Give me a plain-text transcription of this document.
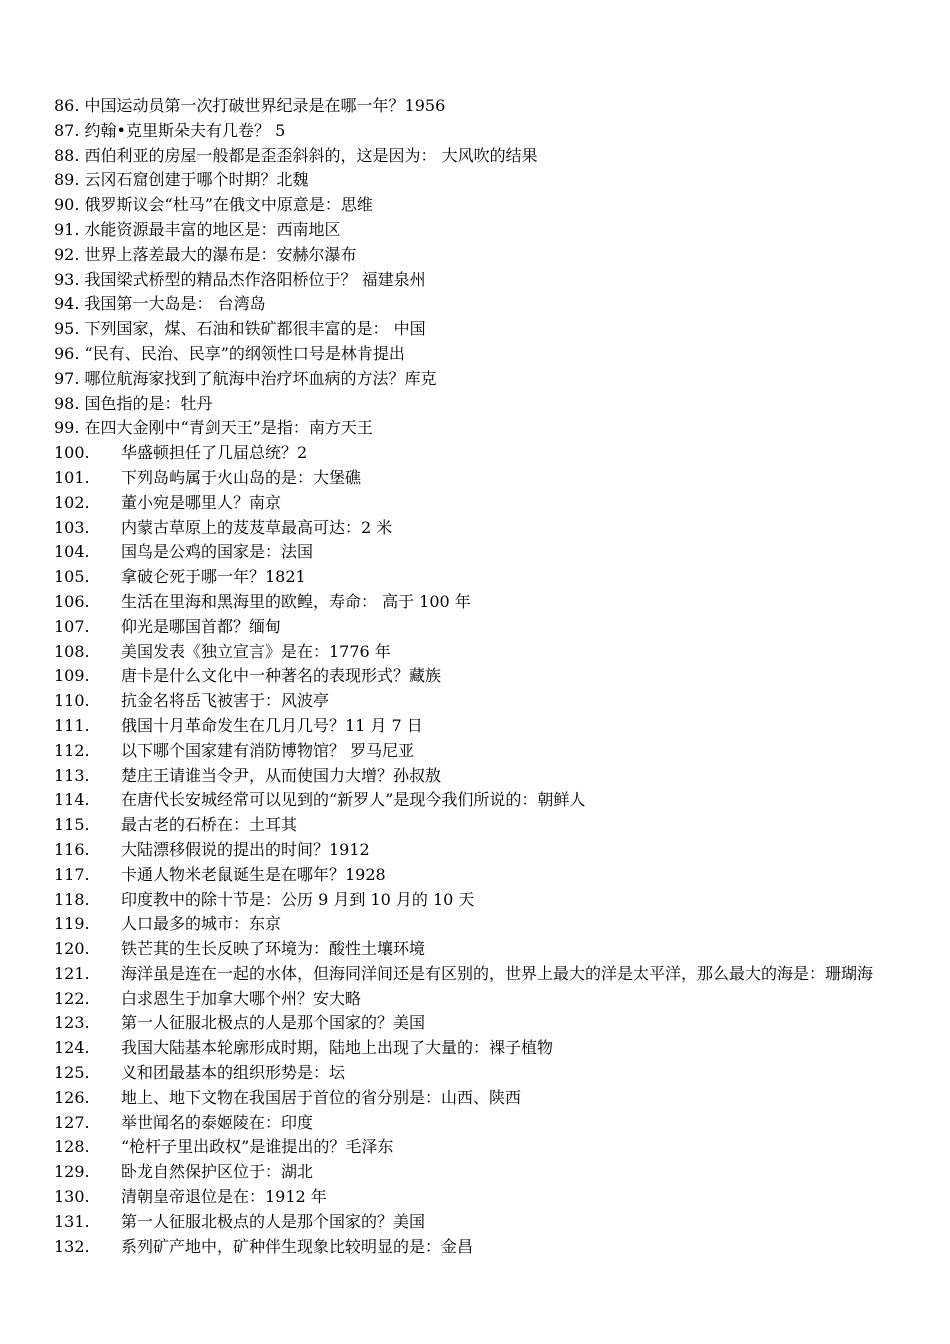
86. 中国运动员第一次打破世界纪录是在哪一年？1956
87. 约翰•克里斯朵夫有几卷？ 5
88. 西伯利亚的房屋一般都是歪歪斜斜的，这是因为： 大风吹的结果
89. 云冈石窟创建于哪个时期？北魏
90. 俄罗斯议会“杜马”在俄文中原意是：思维
91. 水能资源最丰富的地区是：西南地区
92. 世界上落差最大的瀑布是：安赫尔瀑布
93. 我国梁式桥型的精品杰作洛阳桥位于？ 福建泉州
94. 我国第一大岛是： 台湾岛
95. 下列国家，煤、石油和铁矿都很丰富的是： 中国
96. “民有、民治、民享”的纲领性口号是林肯提出
97. 哪位航海家找到了航海中治疗坏血病的方法？库克
98. 国色指的是：牡丹
99. 在四大金刚中“青剑天王”是指：南方天王
100. 华盛顿担任了几届总统？2
101. 下列岛屿属于火山岛的是：大堡礁
102. 董小宛是哪里人？南京
103. 内蒙古草原上的芨芨草最高可达：2 米
104. 国鸟是公鸡的国家是：法国
105. 拿破仑死于哪一年？1821
106. 生活在里海和黑海里的欧鳇，寿命： 高于 100 年
107. 仰光是哪国首都？缅甸
108. 美国发表《独立宣言》是在：1776 年
109. 唐卡是什么文化中一种著名的表现形式？藏族
110. 抗金名将岳飞被害于：风波亭
111. 俄国十月革命发生在几月几号？11 月 7 日
112. 以下哪个国家建有消防博物馆？ 罗马尼亚
113. 楚庄王请谁当令尹，从而使国力大增？孙叔敖
114. 在唐代长安城经常可以见到的“新罗人”是现今我们所说的：朝鲜人
115. 最古老的石桥在：土耳其
116. 大陆漂移假说的提出的时间？1912
117. 卡通人物米老鼠诞生是在哪年？1928
118. 印度教中的除十节是：公历 9 月到 10 月的 10 天
119. 人口最多的城市：东京
120. 铁芒萁的生长反映了环境为：酸性土壤环境
121. 海洋虽是连在一起的水体，但海同洋间还是有区别的，世界上最大的洋是太平洋，那么最大的海是：珊瑚海
122. 白求恩生于加拿大哪个州？安大略
123. 第一人征服北极点的人是那个国家的？美国
124. 我国大陆基本轮廓形成时期，陆地上出现了大量的：裸子植物
125. 义和团最基本的组织形势是：坛
126. 地上、地下文物在我国居于首位的省分别是：山西、陕西
127. 举世闻名的泰姬陵在：印度
128. “枪杆子里出政权”是谁提出的？毛泽东
129. 卧龙自然保护区位于：湖北
130. 清朝皇帝退位是在：1912 年
131. 第一人征服北极点的人是那个国家的？美国
132. 系列矿产地中，矿种伴生现象比较明显的是：金昌
